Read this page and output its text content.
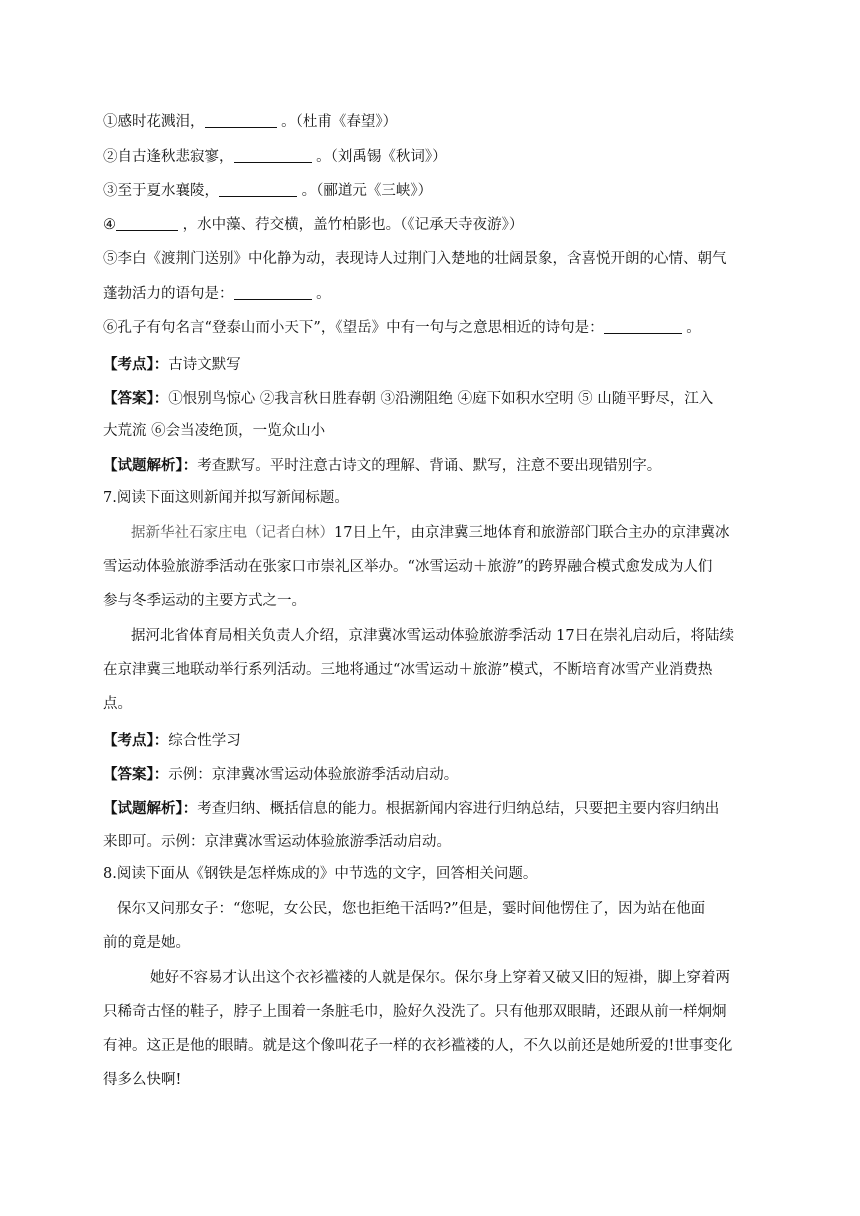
①感时花溅泪，	。（杜甫《春望》）
②自古逢秋悲寂寥，	。（刘禹锡《秋词》）
③至于夏水襄陵，	。（郦道元《三峡》）
④	，水中藻、荇交横，盖竹柏影也。（《记承天寺夜游》）
⑤李白《渡荆门送别》中化静为动，表现诗人过荆门入楚地的壮阔景象，含喜悦开朗的心情、朝气
蓬勃活力的语句是：	。
⑥孔子有句名言“登泰山而小天下”，《望岳》中有一句与之意思相近的诗句是：	。
【考点】：古诗文默写
【答案】：①恨别鸟惊心 ②我言秋日胜春朝 ③沿溯阻绝 ④庭下如积水空明 ⑤ 山随平野尽，江入
大荒流 ⑥会当凌绝顶，一览众山小
【试题解析】：考查默写。平时注意古诗文的理解、背诵、默写，注意不要出现错别字。
7.阅读下面这则新闻并拟写新闻标题。
据新华社石家庄电（记者白林）17日上午，由京津冀三地体育和旅游部门联合主办的京津冀冰
雪运动体验旅游季活动在张家口市崇礼区举办。“冰雪运动＋旅游”的跨界融合模式愈发成为人们
参与冬季运动的主要方式之一。
据河北省体育局相关负责人介绍，京津冀冰雪运动体验旅游季活动 17日在崇礼启动后，将陆续
在京津冀三地联动举行系列活动。三地将通过“冰雪运动＋旅游”模式，不断培育冰雪产业消费热
点。
【考点】：综合性学习
【答案】：示例：京津冀冰雪运动体验旅游季活动启动。
【试题解析】：考查归纳、概括信息的能力。根据新闻内容进行归纳总结，只要把主要内容归纳出
来即可。示例：京津冀冰雪运动体验旅游季活动启动。
8.阅读下面从《钢铁是怎样炼成的》中节选的文字，回答相关问题。
保尔又问那女子：“您呢，女公民，您也拒绝干活吗?”但是，霎时间他愣住了，因为站在他面
前的竟是她。
她好不容易才认出这个衣衫褴褛的人就是保尔。保尔身上穿着又破又旧的短褂，脚上穿着两
只稀奇古怪的鞋子，脖子上围着一条脏毛巾，脸好久没洗了。只有他那双眼睛，还跟从前一样炯炯
有神。这正是他的眼睛。就是这个像叫花子一样的衣衫褴褛的人，不久以前还是她所爱的!世事变化
得多么快啊!
